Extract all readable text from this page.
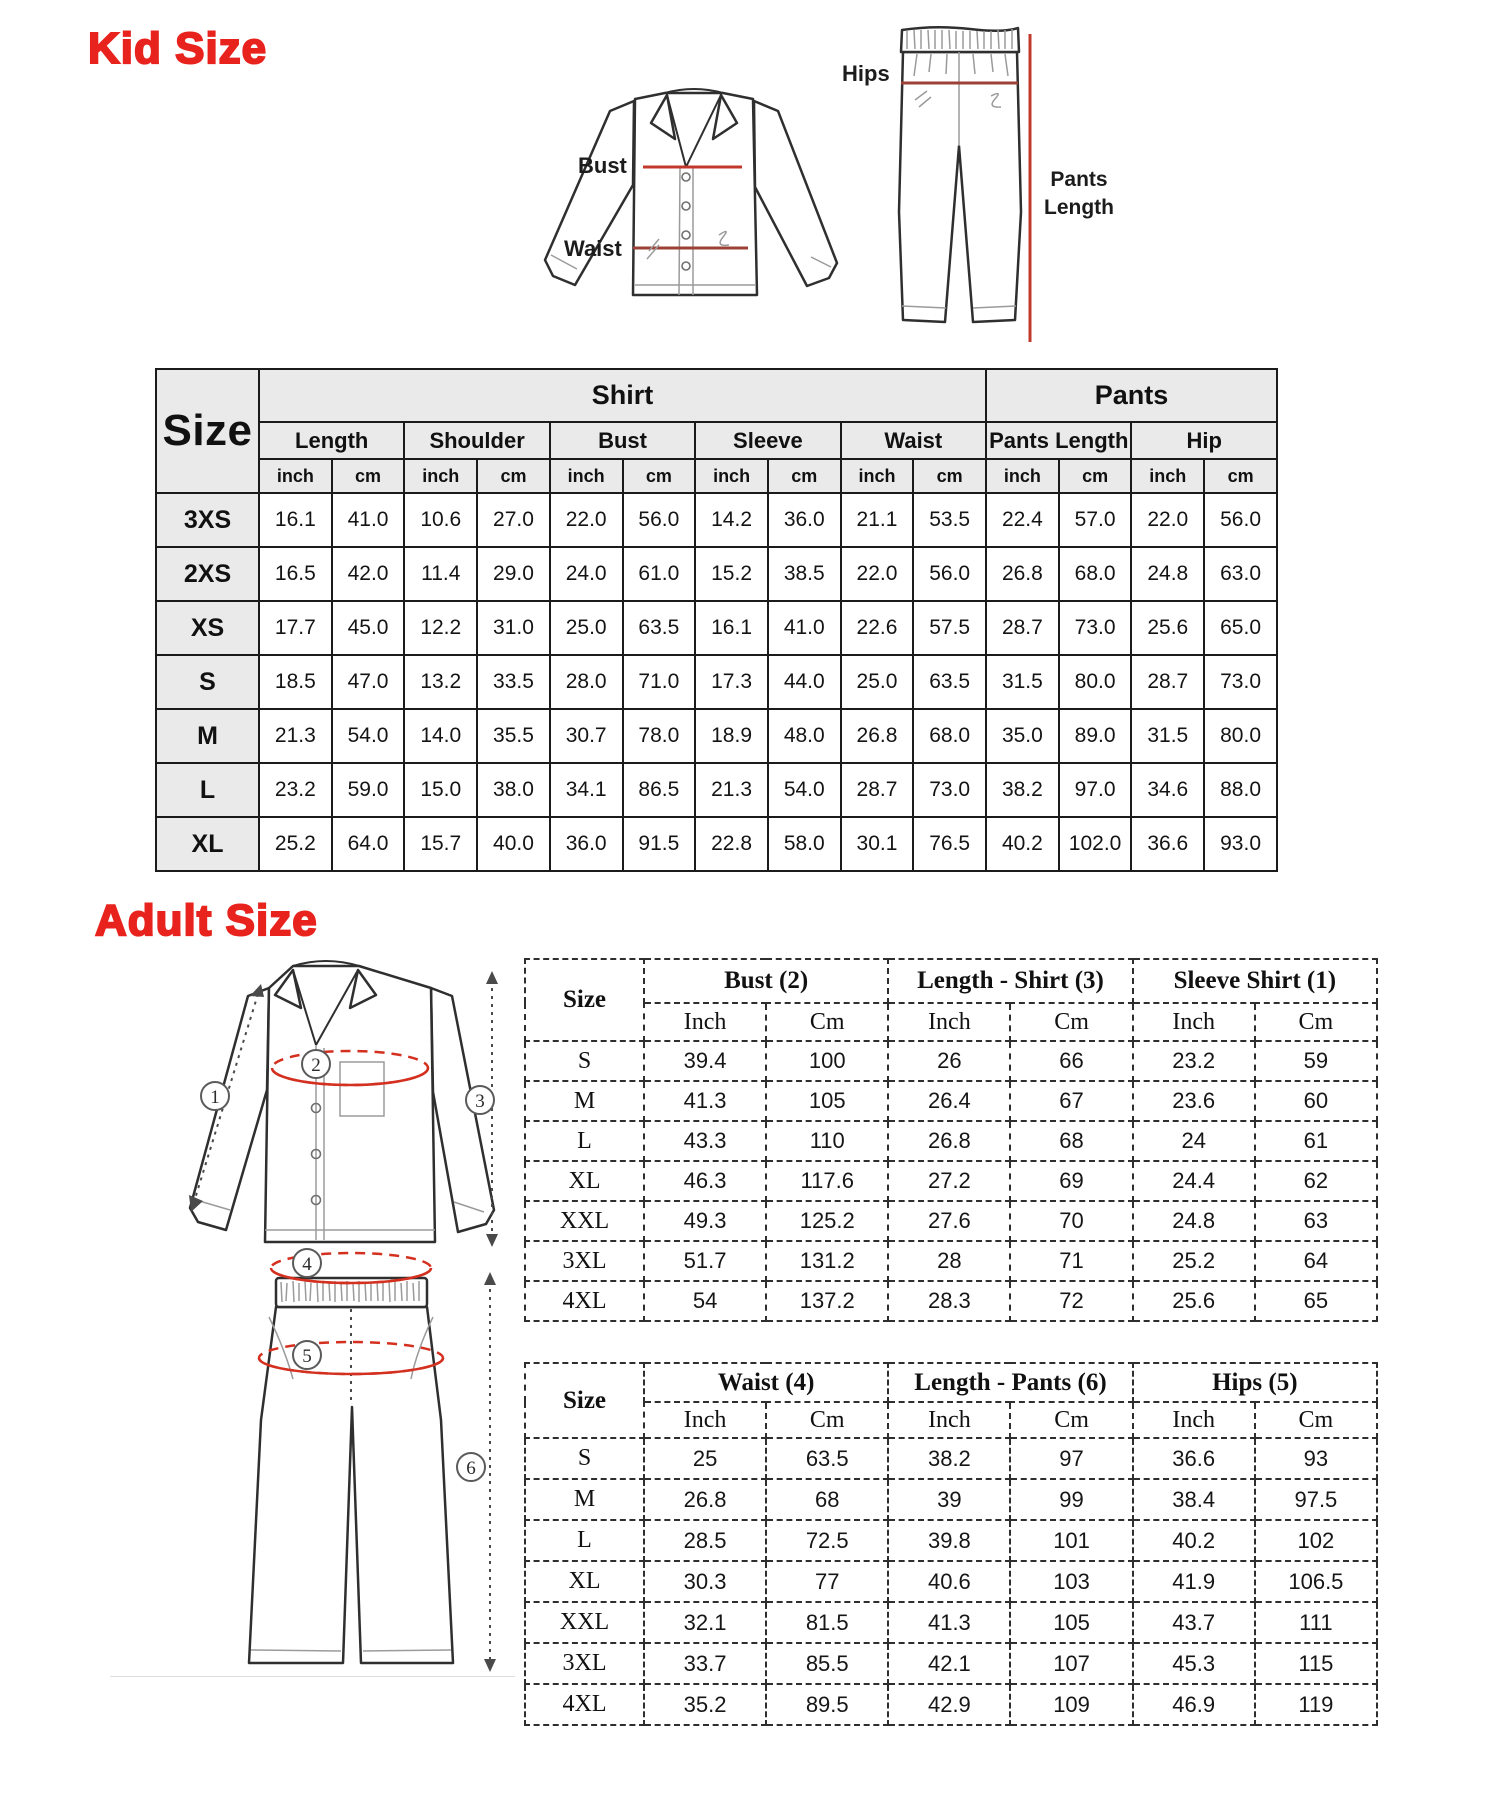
Kid Size
Bust
Waist
Hips
Pants Length
Size	Shirt										Pants			
	Length		Shoulder		Bust		Sleeve		Waist		Pants Length		Hip	
	inch	cm	inch	cm	inch	cm	inch	cm	inch	cm	inch	cm	inch	cm
3XS	16.1	41.0	10.6	27.0	22.0	56.0	14.2	36.0	21.1	53.5	22.4	57.0	22.0	56.0
2XS	16.5	42.0	11.4	29.0	24.0	61.0	15.2	38.5	22.0	56.0	26.8	68.0	24.8	63.0
XS	17.7	45.0	12.2	31.0	25.0	63.5	16.1	41.0	22.6	57.5	28.7	73.0	25.6	65.0
S	18.5	47.0	13.2	33.5	28.0	71.0	17.3	44.0	25.0	63.5	31.5	80.0	28.7	73.0
M	21.3	54.0	14.0	35.5	30.7	78.0	18.9	48.0	26.8	68.0	35.0	89.0	31.5	80.0
L	23.2	59.0	15.0	38.0	34.1	86.5	21.3	54.0	28.7	73.0	38.2	97.0	34.6	88.0
XL	25.2	64.0	15.7	40.0	36.0	91.5	22.8	58.0	30.1	76.5	40.2	102.0	36.6	93.0
Adult Size
1
2
3
4
5
6
Size	Bust (2)		Length - Shirt (3)		Sleeve Shirt (1)	
	Inch	Cm	Inch	Cm	Inch	Cm
S	39.4	100	26	66	23.2	59
M	41.3	105	26.4	67	23.6	60
L	43.3	110	26.8	68	24	61
XL	46.3	117.6	27.2	69	24.4	62
XXL	49.3	125.2	27.6	70	24.8	63
3XL	51.7	131.2	28	71	25.2	64
4XL	54	137.2	28.3	72	25.6	65
Size	Waist (4)		Length - Pants (6)		Hips (5)	
	Inch	Cm	Inch	Cm	Inch	Cm
S	25	63.5	38.2	97	36.6	93
M	26.8	68	39	99	38.4	97.5
L	28.5	72.5	39.8	101	40.2	102
XL	30.3	77	40.6	103	41.9	106.5
XXL	32.1	81.5	41.3	105	43.7	111
3XL	33.7	85.5	42.1	107	45.3	115
4XL	35.2	89.5	42.9	109	46.9	119
